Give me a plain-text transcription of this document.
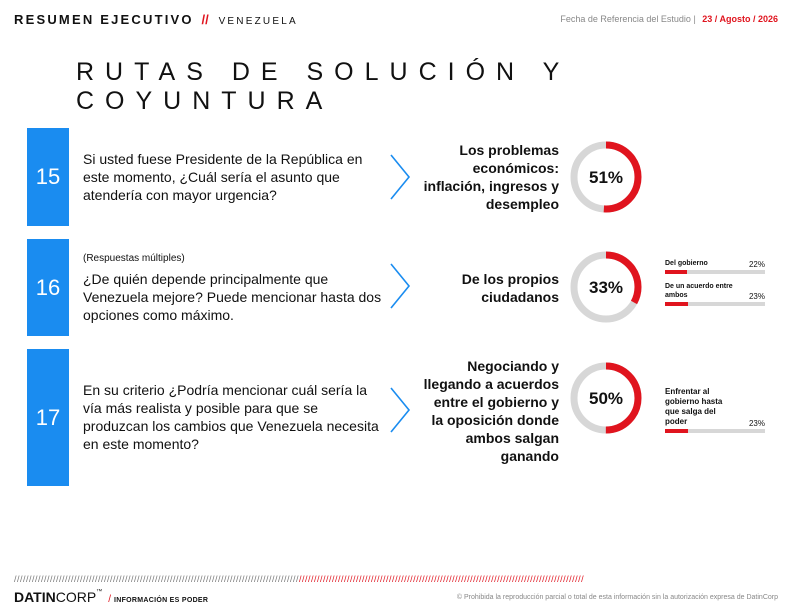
RESUMEN EJECUTIVO // VENEZUELA	Fecha de Referencia del Estudio | 23 / Agosto / 2026
RUTAS DE SOLUCIÓN Y
COYUNTURA
15
Si usted fuese Presidente de la República en este momento, ¿Cuál sería el asunto que atendería con mayor urgencia?
Los problemas económicos: inflación, ingresos y desempleo
51%
16
(Respuestas múltiples)
¿De quién depende principalmente que Venezuela mejore? Puede mencionar hasta dos opciones como máximo.
De los propios ciudadanos 33%
Del gobierno	22%
De un acuerdo entre ambos	23%
17
En su criterio ¿Podría mencionar cuál sería la vía más realista y posible para que se produzcan los cambios que Venezuela necesita en este momento?
Negociando y llegando a acuerdos entre el gobierno y la oposición donde ambos salgan ganando
50%	Enfrentar al gobierno hasta que salga del poder	23%
//////////////////////////////////////////////////////////////////////////////////////////////////////////////////////////////////////////////////////////////////////////////////////////////
DATINCORP™/ INFORMACIÓN ES PODER	© Prohibida la reproducción parcial o total de esta información sin la autorización expresa de DatinCorp
